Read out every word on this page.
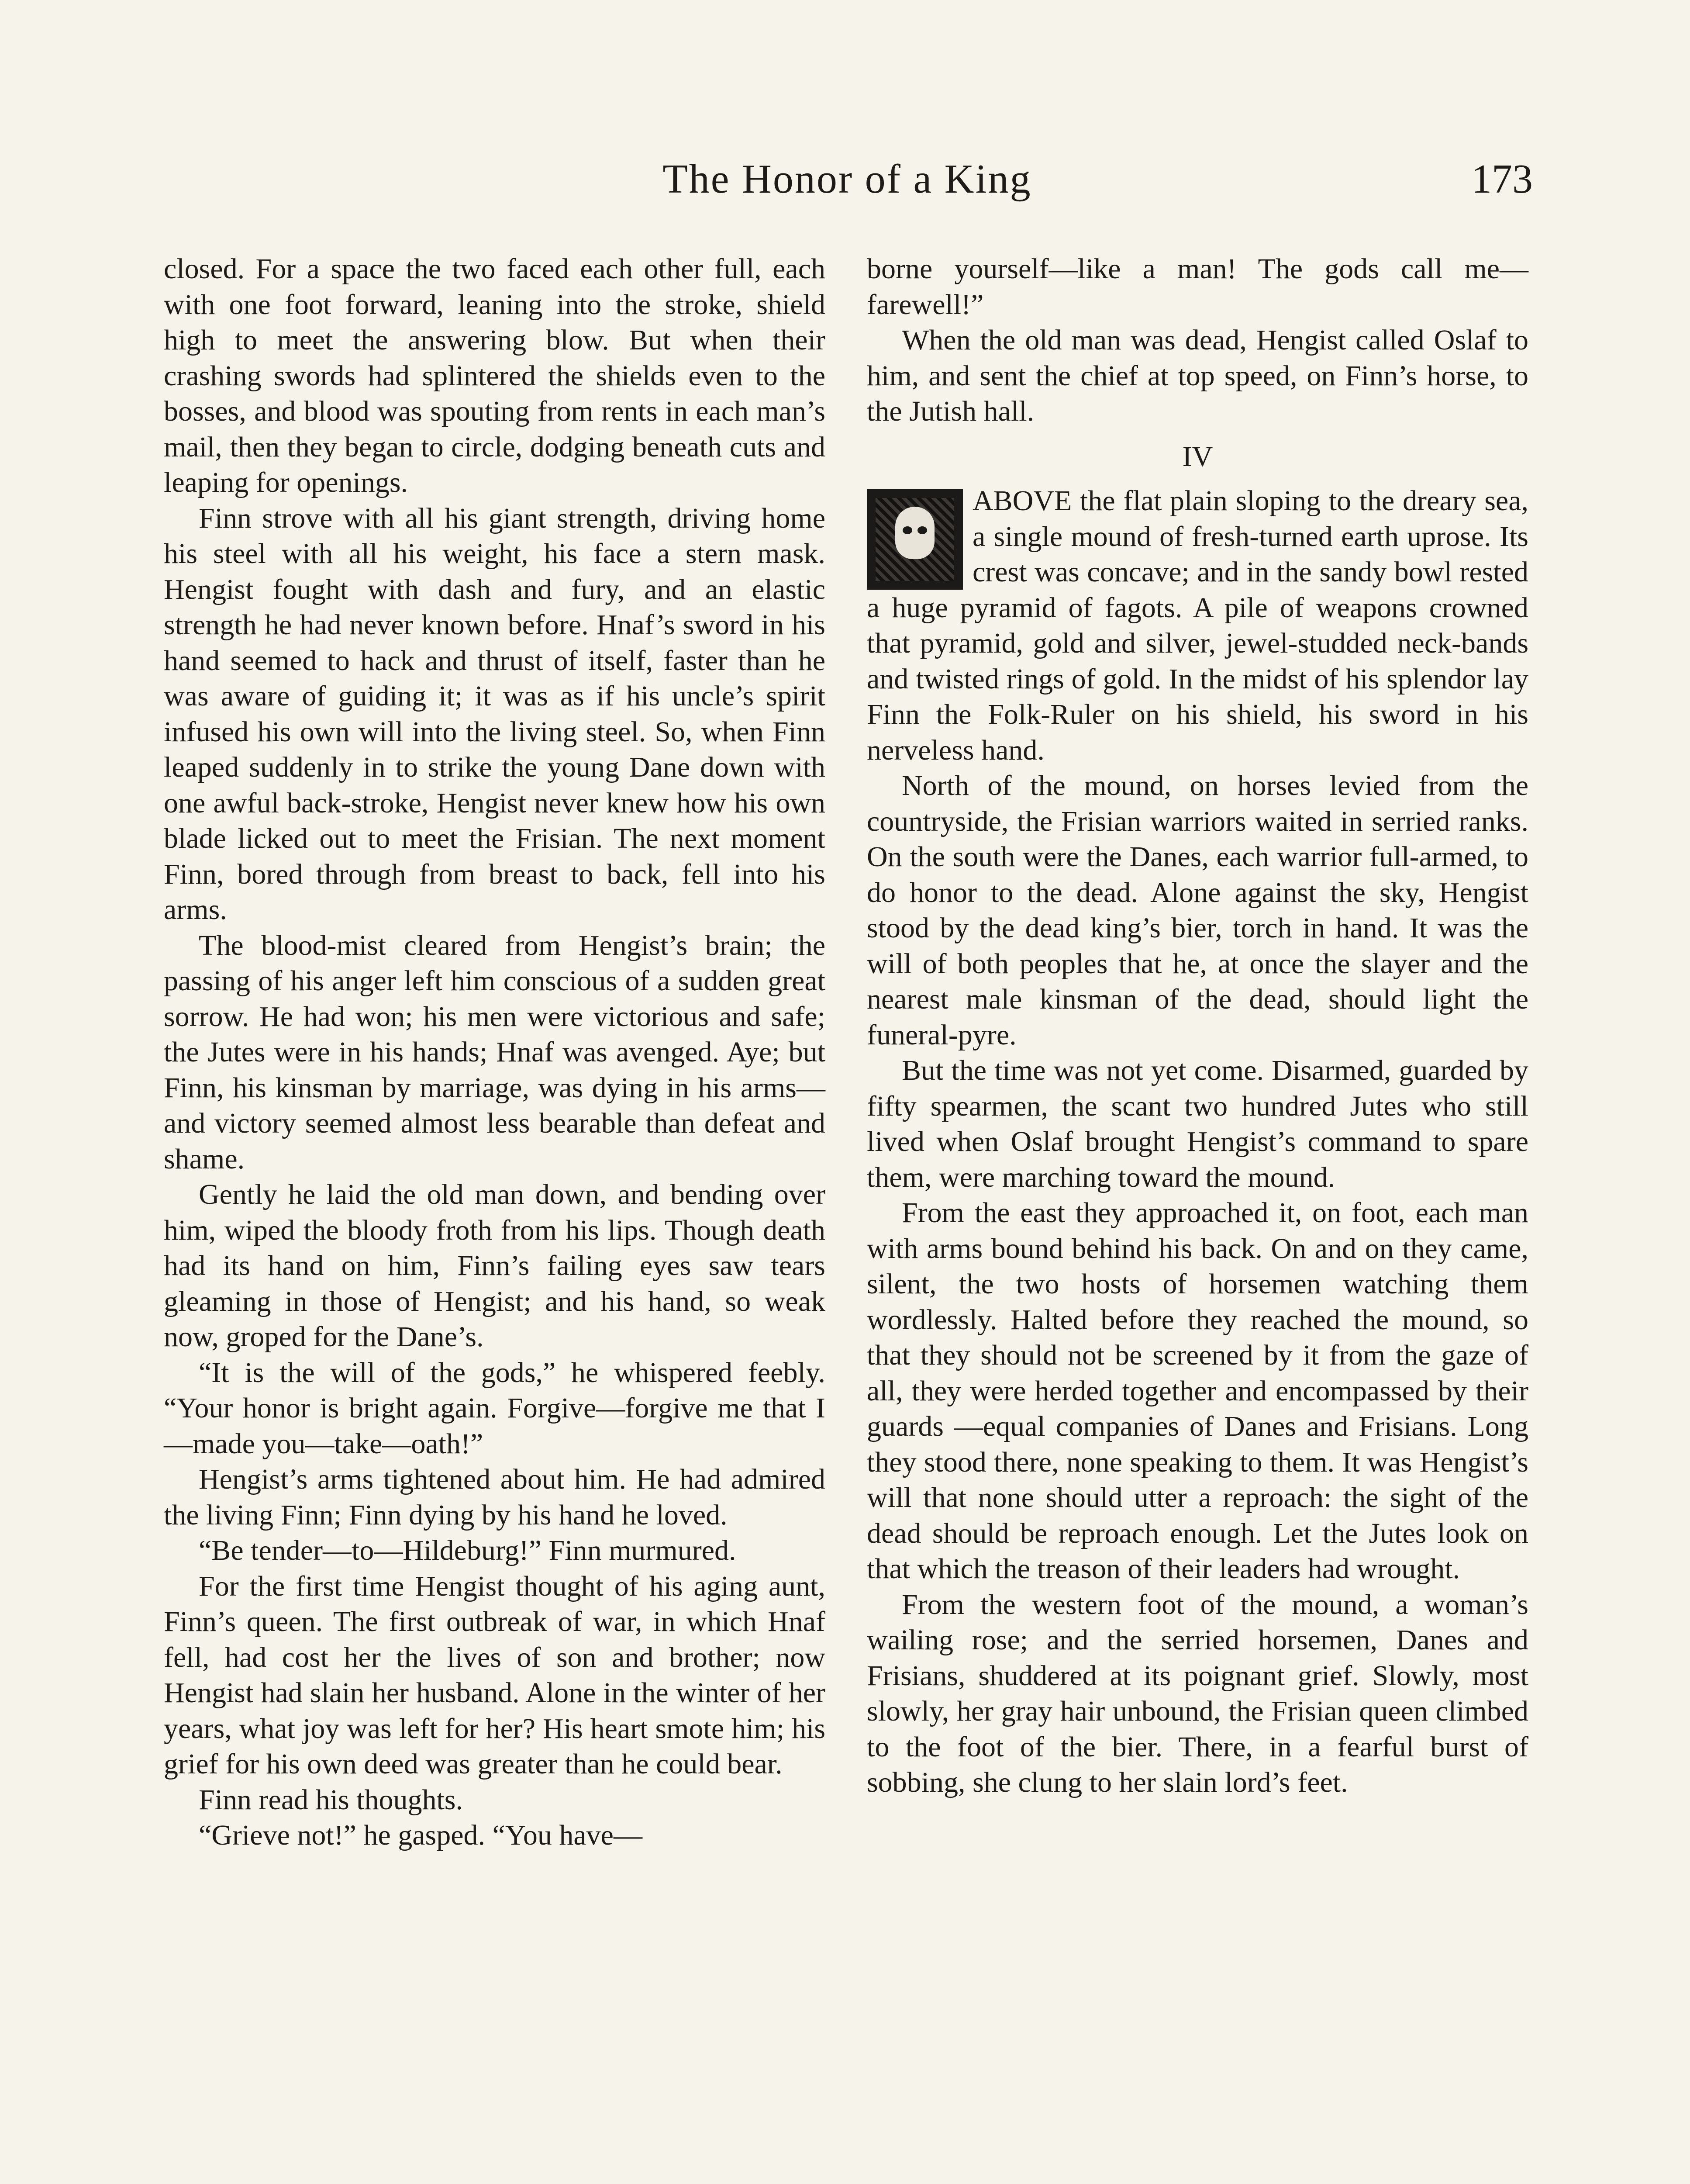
The Honor of a King	173

closed. For a space the two faced each other full, each with one foot forward, leaning into the stroke, shield high to meet the answering blow. But when their crashing swords had splintered the shields even to the bosses, and blood was spouting from rents in each man’s mail, then they began to circle, dodging beneath cuts and leaping for openings.

Finn strove with all his giant strength, driving home his steel with all his weight, his face a stern mask. Hengist fought with dash and fury, and an elastic strength he had never known before. Hnaf’s sword in his hand seemed to hack and thrust of itself, faster than he was aware of guiding it; it was as if his uncle’s spirit infused his own will into the living steel. So, when Finn leaped suddenly in to strike the young Dane down with one awful back-stroke, Hengist never knew how his own blade licked out to meet the Frisian. The next moment Finn, bored through from breast to back, fell into his arms.

The blood-mist cleared from Hengist’s brain; the passing of his anger left him conscious of a sudden great sorrow. He had won; his men were victorious and safe; the Jutes were in his hands; Hnaf was avenged. Aye; but Finn, his kinsman by marriage, was dying in his arms—and victory seemed almost less bearable than defeat and shame.

Gently he laid the old man down, and bending over him, wiped the bloody froth from his lips. Though death had its hand on him, Finn’s failing eyes saw tears gleaming in those of Hengist; and his hand, so weak now, groped for the Dane’s.

“It is the will of the gods,” he whispered feebly. “Your honor is bright again. Forgive—forgive me that I—made you—take—oath!”

Hengist’s arms tightened about him. He had admired the living Finn; Finn dying by his hand he loved.

“Be tender—to—Hildeburg!” Finn murmured.

For the first time Hengist thought of his aging aunt, Finn’s queen. The first outbreak of war, in which Hnaf fell, had cost her the lives of son and brother; now Hengist had slain her husband. Alone in the winter of her years, what joy was left for her? His heart smote him; his grief for his own deed was greater than he could bear.

Finn read his thoughts.

“Grieve not!” he gasped. “You have—

borne yourself—like a man! The gods call me—farewell!”

When the old man was dead, Hengist called Oslaf to him, and sent the chief at top speed, on Finn’s horse, to the Jutish hall.

IV

ABOVE the flat plain sloping to the dreary sea, a single mound of fresh-turned earth uprose. Its crest was concave; and in the sandy bowl rested a huge pyramid of fagots. A pile of weapons crowned that pyramid, gold and silver, jewel-studded neck-bands and twisted rings of gold. In the midst of his splendor lay Finn the Folk-Ruler on his shield, his sword in his nerveless hand.

North of the mound, on horses levied from the countryside, the Frisian warriors waited in serried ranks. On the south were the Danes, each warrior full-armed, to do honor to the dead. Alone against the sky, Hengist stood by the dead king’s bier, torch in hand. It was the will of both peoples that he, at once the slayer and the nearest male kinsman of the dead, should light the funeral-pyre.

But the time was not yet come. Disarmed, guarded by fifty spearmen, the scant two hundred Jutes who still lived when Oslaf brought Hengist’s command to spare them, were marching toward the mound.

From the east they approached it, on foot, each man with arms bound behind his back. On and on they came, silent, the two hosts of horsemen watching them wordlessly. Halted before they reached the mound, so that they should not be screened by it from the gaze of all, they were herded together and encompassed by their guards —equal companies of Danes and Frisians. Long they stood there, none speaking to them. It was Hengist’s will that none should utter a reproach: the sight of the dead should be reproach enough. Let the Jutes look on that which the treason of their leaders had wrought.

From the western foot of the mound, a woman’s wailing rose; and the serried horsemen, Danes and Frisians, shuddered at its poignant grief. Slowly, most slowly, her gray hair unbound, the Frisian queen climbed to the foot of the bier. There, in a fearful burst of sobbing, she clung to her slain lord’s feet.
